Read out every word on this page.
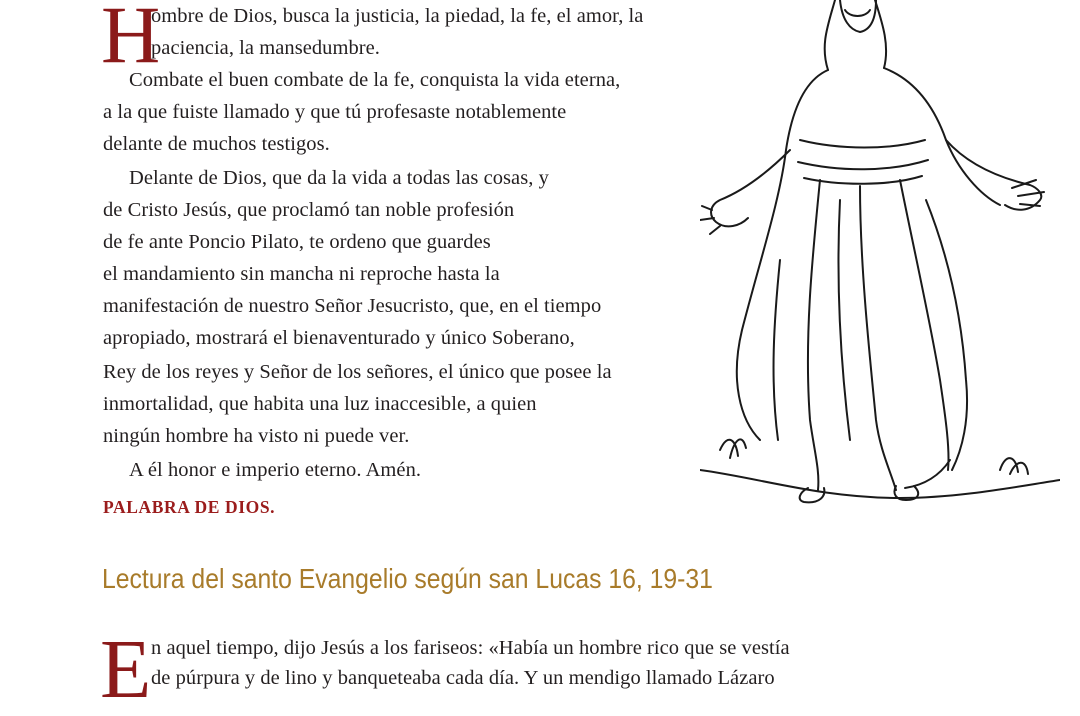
H
ombre de Dios, busca la justicia, la piedad, la fe, el amor, la
paciencia, la mansedumbre.
Combate el buen combate de la fe, conquista la vida eterna,
a la que fuiste llamado y que tú profesaste notablemente
delante de muchos testigos.
Delante de Dios, que da la vida a todas las cosas, y
de Cristo Jesús, que proclamó tan noble profesión
de fe ante Poncio Pilato, te ordeno que guardes
el mandamiento sin mancha ni reproche hasta la
manifestación de nuestro Señor Jesucristo, que, en el tiempo
apropiado, mostrará el bienaventurado y único Soberano,
Rey de los reyes y Señor de los señores, el único que posee la
inmortalidad, que habita una luz inaccesible, a quien
ningún hombre ha visto ni puede ver.
A él honor e imperio eterno. Amén.
PALABRA DE DIOS.
Lectura del santo Evangelio según san Lucas 16, 19-31
E n aquel tiempo, dijo Jesús a los fariseos: «Había un hombre rico que se vestía
de púrpura y de lino y banqueteaba cada día. Y un mendigo llamado Lázaro
